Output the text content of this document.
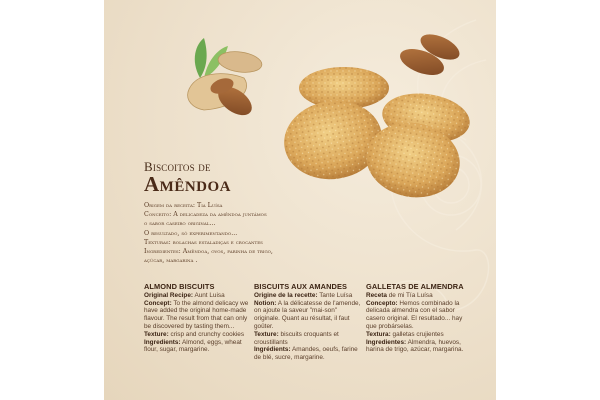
Biscoitos de
Amêndoa
Origem da receita: Tia Luísa
Conceito: A delicadeza da amêndoa juntámos
o sabor caseiro original...
O resultado, só experimentando...
Texturas: bolachas estaladiças e crocantes
Ingredientes: Amêndoa, ovos, farinha de trigo,
açúcar, margarina .
ALMOND BISCUITS
Original Recipe: Aunt Luisa
Concept: To the almond delicacy we have added the original home-made flavour. The result from that can only be discovered by tasting them...
Texture: crisp and crunchy cookies
Ingredients: Almond, eggs, wheat flour, sugar, margarine.
BISCUITS AUX AMANDES
Origine de la recette: Tante Luísa
Notion: A la délicatesse de l'amende, on ajoute la saveur "mai-son" originale. Quant au résultat, il faut goûter.
Texture: biscuits croquants et croustillants
Ingrédients: Amandes, oeufs, farine de blé, sucre, margarine.
GALLETAS DE ALMENDRA
Receta de mi Tía Luísa
Concepto: Hemos combinado la delicada almendra con el sabor casero original. El resultado... hay que probárselas.
Textura: galletas crujientes
Ingredientes: Almendra, huevos, harina de trigo, azúcar, margarina.
